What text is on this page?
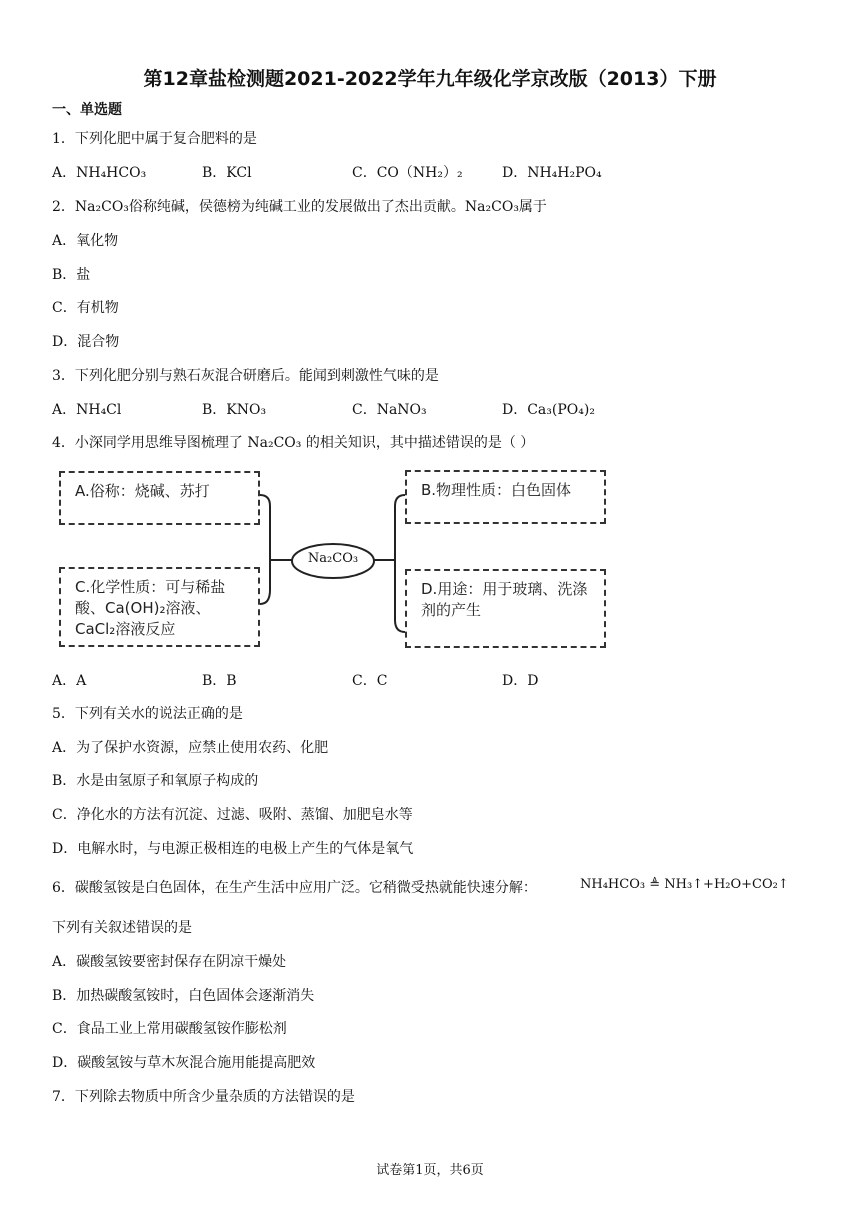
第12章盐检测题2021-2022学年九年级化学京改版（2013）下册
一、单选题
1．下列化肥中属于复合肥料的是
A．NH₄HCO₃	B．KCl	C．CO（NH₂）₂	D．NH₄H₂PO₄
2．Na₂CO₃俗称纯碱，侯德榜为纯碱工业的发展做出了杰出贡献。Na₂CO₃属于
A．氧化物
B．盐
C．有机物
D．混合物
3．下列化肥分别与熟石灰混合研磨后。能闻到刺激性气味的是
A．NH₄Cl	B．KNO₃	C．NaNO₃	D．Ca₃(PO₄)₂
4．小深同学用思维导图梳理了 Na₂CO₃ 的相关知识，其中描述错误的是（ ）
Na₂CO₃
A.俗称：烧碱、苏打	B.物理性质：白色固体
C.化学性质：可与稀盐酸、Ca(OH)₂溶液、CaCl₂溶液反应
D.用途：用于玻璃、洗涤剂的产生
A．A	B．B	C．C	D．D
5．下列有关水的说法正确的是
A．为了保护水资源，应禁止使用农药、化肥
B．水是由氢原子和氧原子构成的
C．净化水的方法有沉淀、过滤、吸附、蒸馏、加肥皂水等
D．电解水时，与电源正极相连的电极上产生的气体是氧气
6．碳酸氢铵是白色固体，在生产生活中应用广泛。它稍微受热就能快速分解：	NH₄HCO₃ ≜ NH₃↑+H₂O+CO₂↑
下列有关叙述错误的是
A．碳酸氢铵要密封保存在阴凉干燥处
B．加热碳酸氢铵时，白色固体会逐渐消失
C．食品工业上常用碳酸氢铵作膨松剂
D．碳酸氢铵与草木灰混合施用能提高肥效
7．下列除去物质中所含少量杂质的方法错误的是
试卷第1页，共6页
